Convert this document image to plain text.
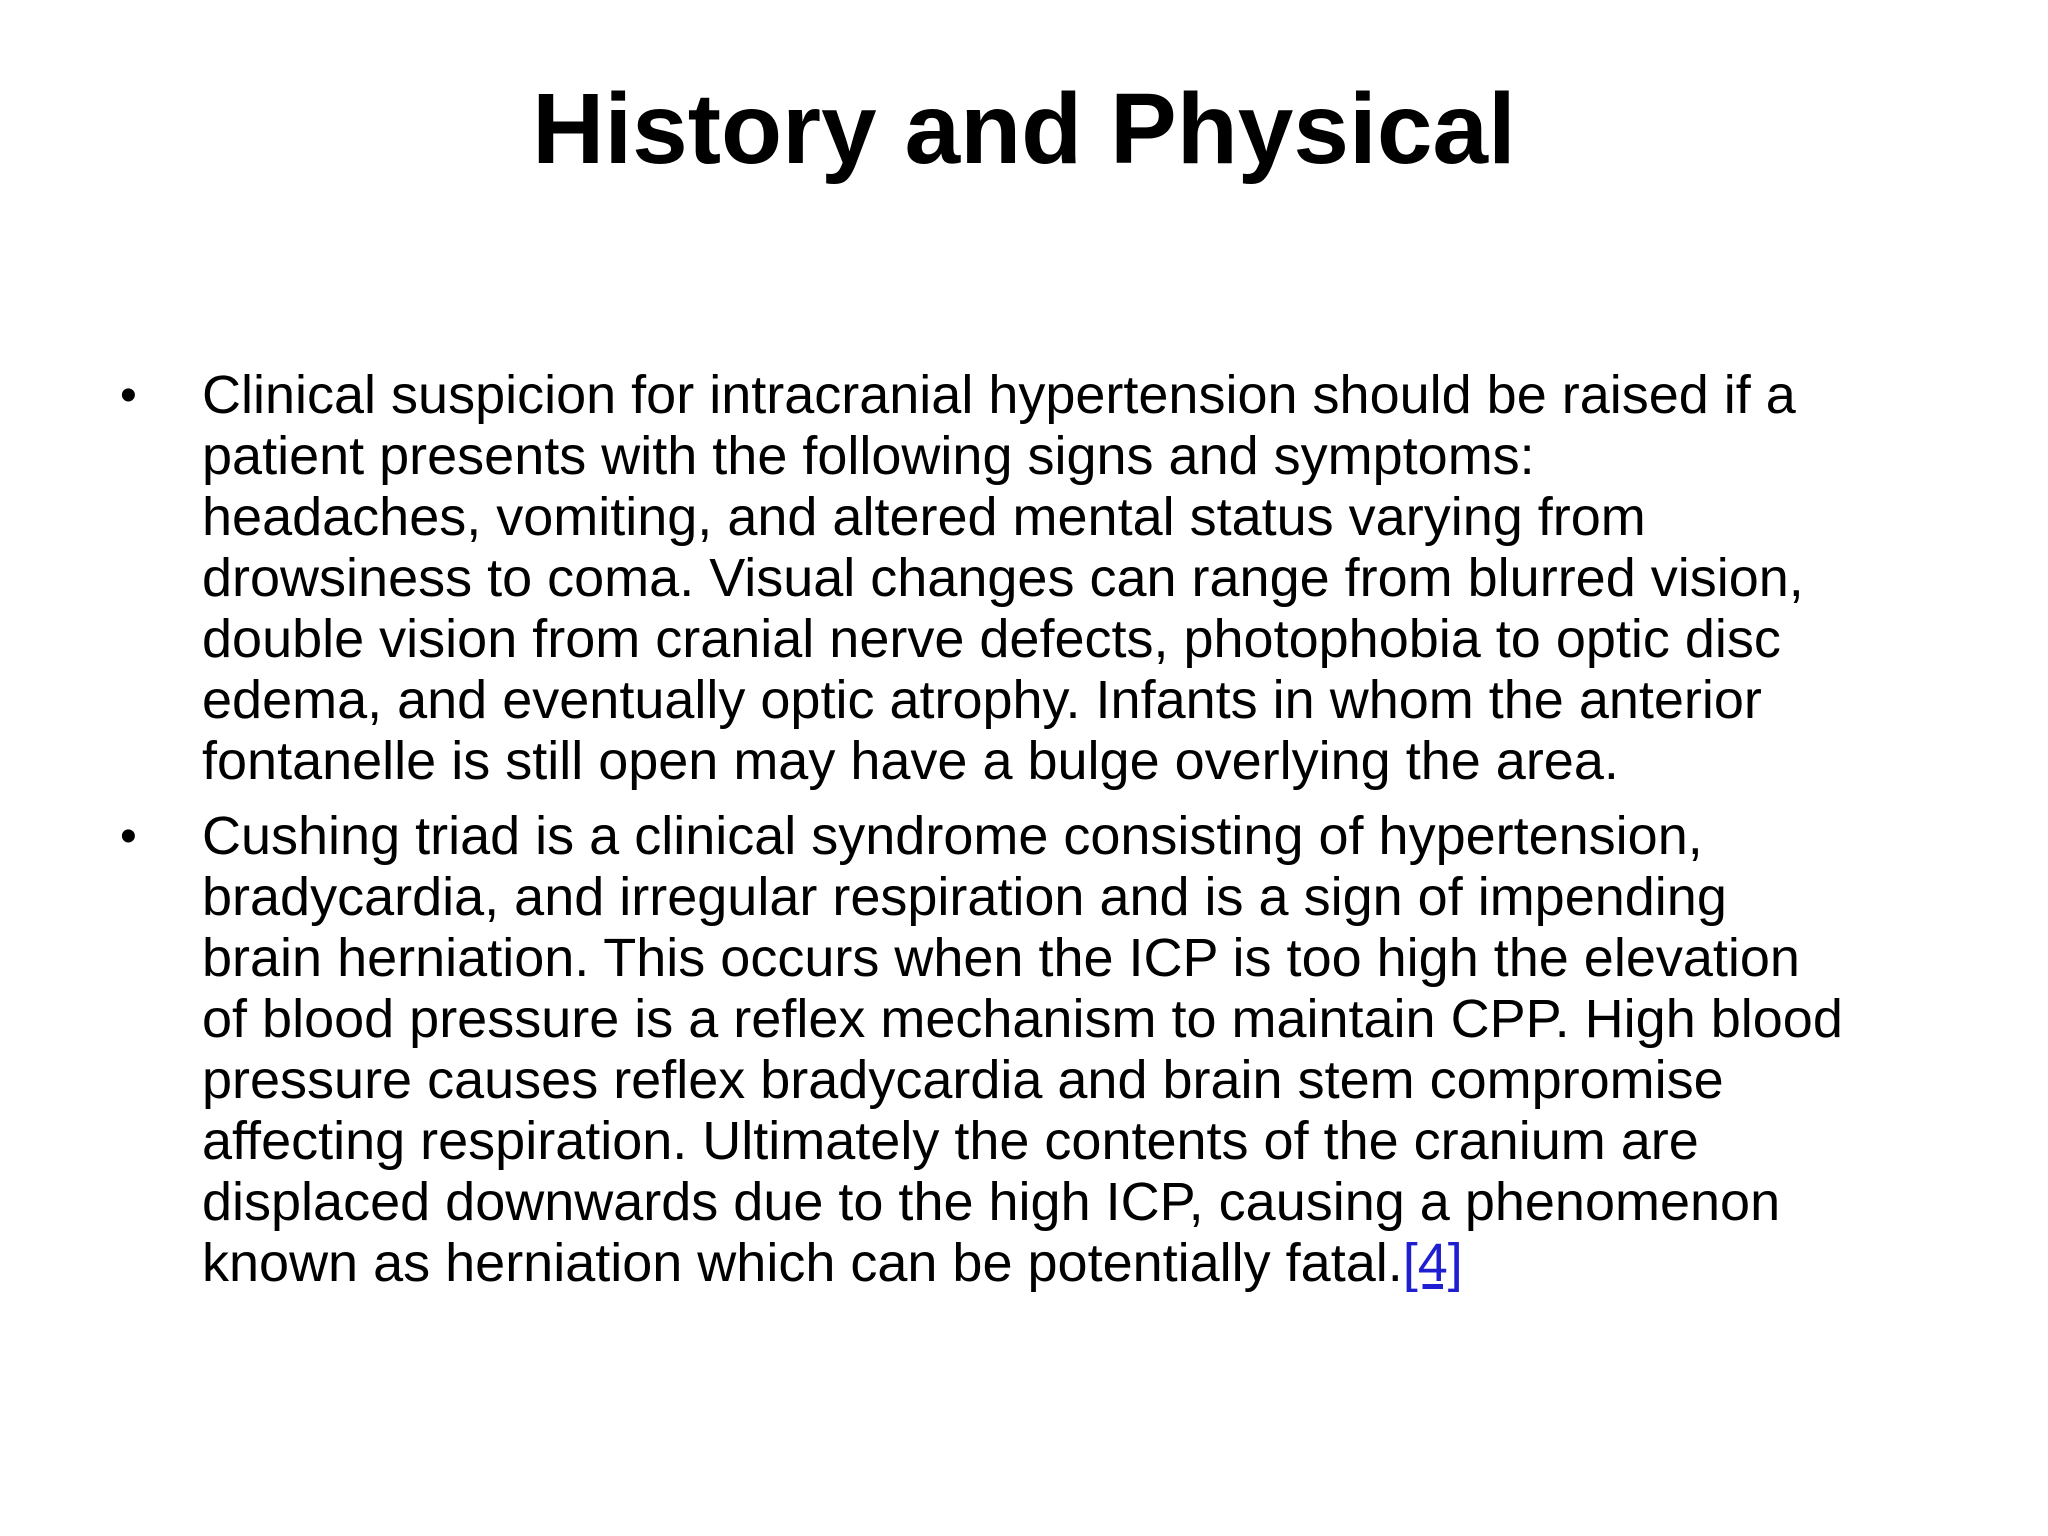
History and Physical
• Clinical suspicion for intracranial hypertension should be raised if a
patient presents with the following signs and symptoms:
headaches, vomiting, and altered mental status varying from
drowsiness to coma. Visual changes can range from blurred vision,
double vision from cranial nerve defects, photophobia to optic disc
edema, and eventually optic atrophy. Infants in whom the anterior
fontanelle is still open may have a bulge overlying the area.
• Cushing triad is a clinical syndrome consisting of hypertension,
bradycardia, and irregular respiration and is a sign of impending
brain herniation. This occurs when the ICP is too high the elevation
of blood pressure is a reflex mechanism to maintain CPP. High blood
pressure causes reflex bradycardia and brain stem compromise
affecting respiration. Ultimately the contents of the cranium are
displaced downwards due to the high ICP, causing a phenomenon
known as herniation which can be potentially fatal.[4]
